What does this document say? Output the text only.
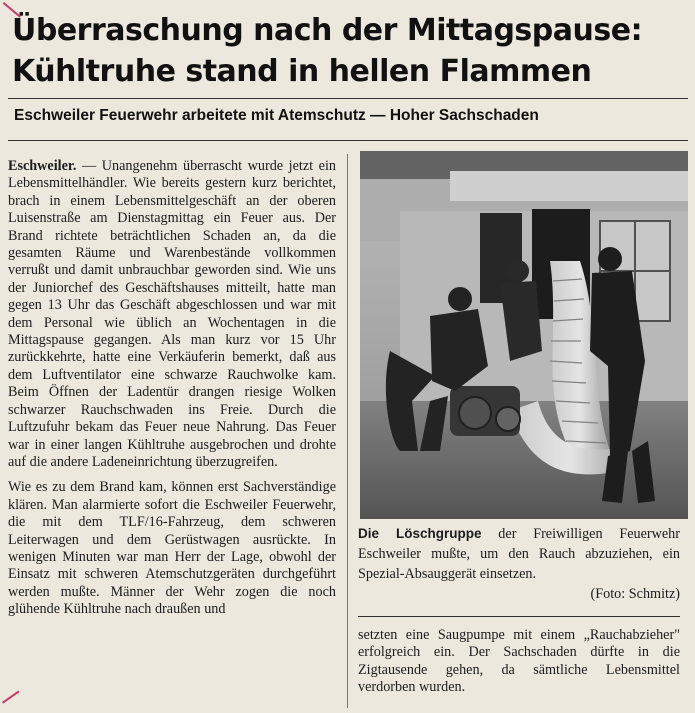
Überraschung nach der Mittagspause:
Kühltruhe stand in hellen Flammen

Eschweiler Feuerwehr arbeitete mit Atemschutz — Hoher Sachschaden

Eschweiler. — Unangenehm überrascht wurde jetzt ein Lebensmittelhändler. Wie bereits gestern kurz berichtet, brach in einem Lebensmittelgeschäft an der oberen Luisenstraße am Dienstagmittag ein Feuer aus. Der Brand richtete beträchtlichen Schaden an, da die gesamten Räume und Warenbestände vollkommen verrußt und damit unbrauchbar geworden sind. Wie uns der Juniorchef des Geschäftshauses mitteilt, hatte man gegen 13 Uhr das Geschäft abgeschlossen und war mit dem Personal wie üblich an Wochentagen in die Mittagspause gegangen. Als man kurz vor 15 Uhr zurückkehrte, hatte eine Verkäuferin bemerkt, daß aus dem Luftventilator eine schwarze Rauchwolke kam. Beim Öffnen der Ladentür drangen riesige Wolken schwarzer Rauchschwaden ins Freie. Durch die Luftzufuhr bekam das Feuer neue Nahrung. Das Feuer war in einer langen Kühltruhe ausgebrochen und drohte auf die andere Ladeneinrichtung überzugreifen.

Wie es zu dem Brand kam, können erst Sachverständige klären. Man alarmierte sofort die Eschweiler Feuerwehr, die mit dem TLF/16-Fahrzeug, dem schweren Leiterwagen und dem Gerüstwagen ausrückte. In wenigen Minuten war man Herr der Lage, obwohl der Einsatz mit schweren Atemschutzgeräten durchgeführt werden mußte. Männer der Wehr zogen die noch glühende Kühltruhe nach draußen und

Die Löschgruppe der Freiwilligen Feuerwehr Eschweiler mußte, um den Rauch abzuziehen, ein Spezial-Absauggerät einsetzen.
(Foto: Schmitz)

setzten eine Saugpumpe mit einem „Rauchabzieher" erfolgreich ein. Der Sachschaden dürfte in die Zigtausende gehen, da sämtliche Lebensmittel verdorben wurden.
